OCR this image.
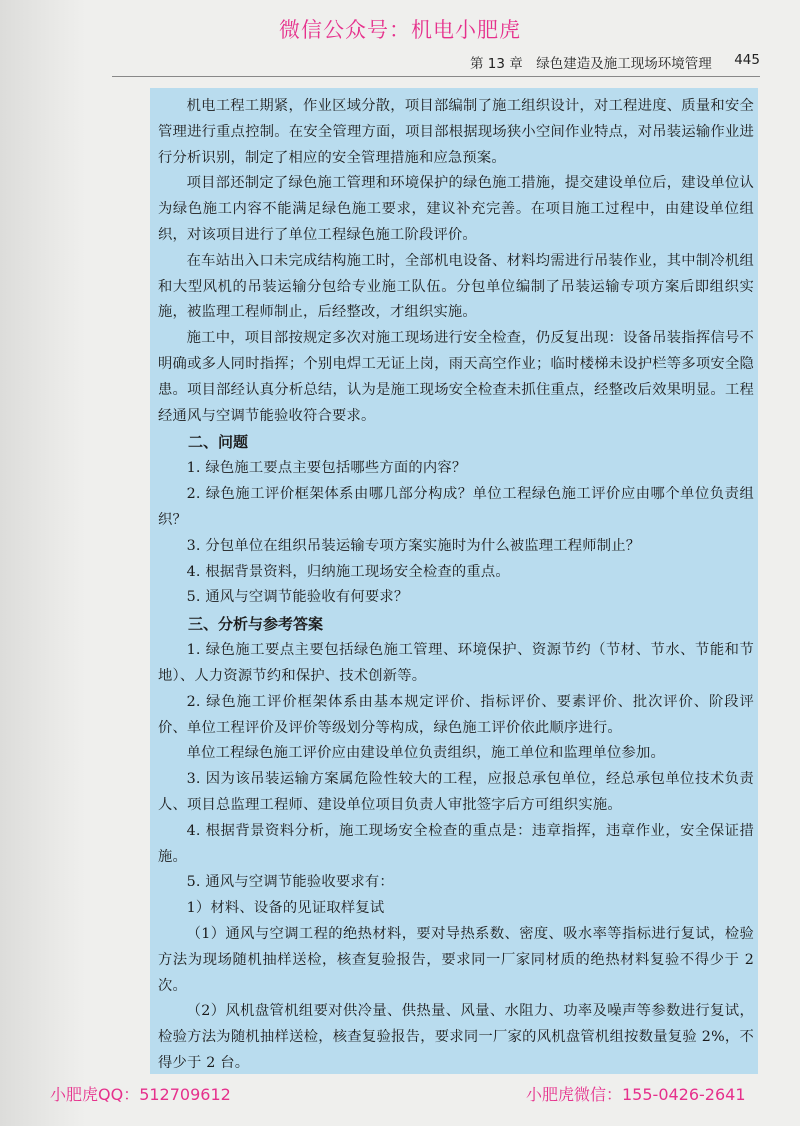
微信公众号：机电小肥虎
第 13 章　绿色建造及施工现场环境管理 445

机电工程工期紧，作业区域分散，项目部编制了施工组织设计，对工程进度、质量和安全管理进行重点控制。在安全管理方面，项目部根据现场狭小空间作业特点，对吊装运输作业进行分析识别，制定了相应的安全管理措施和应急预案。

项目部还制定了绿色施工管理和环境保护的绿色施工措施，提交建设单位后，建设单位认为绿色施工内容不能满足绿色施工要求，建议补充完善。在项目施工过程中，由建设单位组织，对该项目进行了单位工程绿色施工阶段评价。

在车站出入口未完成结构施工时，全部机电设备、材料均需进行吊装作业，其中制冷机组和大型风机的吊装运输分包给专业施工队伍。分包单位编制了吊装运输专项方案后即组织实施，被监理工程师制止，后经整改，才组织实施。

施工中，项目部按规定多次对施工现场进行安全检查，仍反复出现：设备吊装指挥信号不明确或多人同时指挥；个别电焊工无证上岗，雨天高空作业；临时楼梯未设护栏等多项安全隐患。项目部经认真分析总结，认为是施工现场安全检查未抓住重点，经整改后效果明显。工程经通风与空调节能验收符合要求。

二、问题

1. 绿色施工要点主要包括哪些方面的内容？

2. 绿色施工评价框架体系由哪几部分构成？单位工程绿色施工评价应由哪个单位负责组织？

3. 分包单位在组织吊装运输专项方案实施时为什么被监理工程师制止？

4. 根据背景资料，归纳施工现场安全检查的重点。

5. 通风与空调节能验收有何要求？

三、分析与参考答案

1. 绿色施工要点主要包括绿色施工管理、环境保护、资源节约（节材、节水、节能和节地）、人力资源节约和保护、技术创新等。

2. 绿色施工评价框架体系由基本规定评价、指标评价、要素评价、批次评价、阶段评价、单位工程评价及评价等级划分等构成，绿色施工评价依此顺序进行。

单位工程绿色施工评价应由建设单位负责组织，施工单位和监理单位参加。

3. 因为该吊装运输方案属危险性较大的工程，应报总承包单位，经总承包单位技术负责人、项目总监理工程师、建设单位项目负责人审批签字后方可组织实施。

4. 根据背景资料分析，施工现场安全检查的重点是：违章指挥，违章作业，安全保证措施。

5. 通风与空调节能验收要求有：

1）材料、设备的见证取样复试

（1）通风与空调工程的绝热材料，要对导热系数、密度、吸水率等指标进行复试，检验方法为现场随机抽样送检，核查复验报告，要求同一厂家同材质的绝热材料复验不得少于 2 次。

（2）风机盘管机组要对供冷量、供热量、风量、水阻力、功率及噪声等参数进行复试，检验方法为随机抽样送检，核查复验报告，要求同一厂家的风机盘管机组按数量复验 2%，不得少于 2 台。

小肥虎QQ：512709612	小肥虎微信：155-0426-2641
